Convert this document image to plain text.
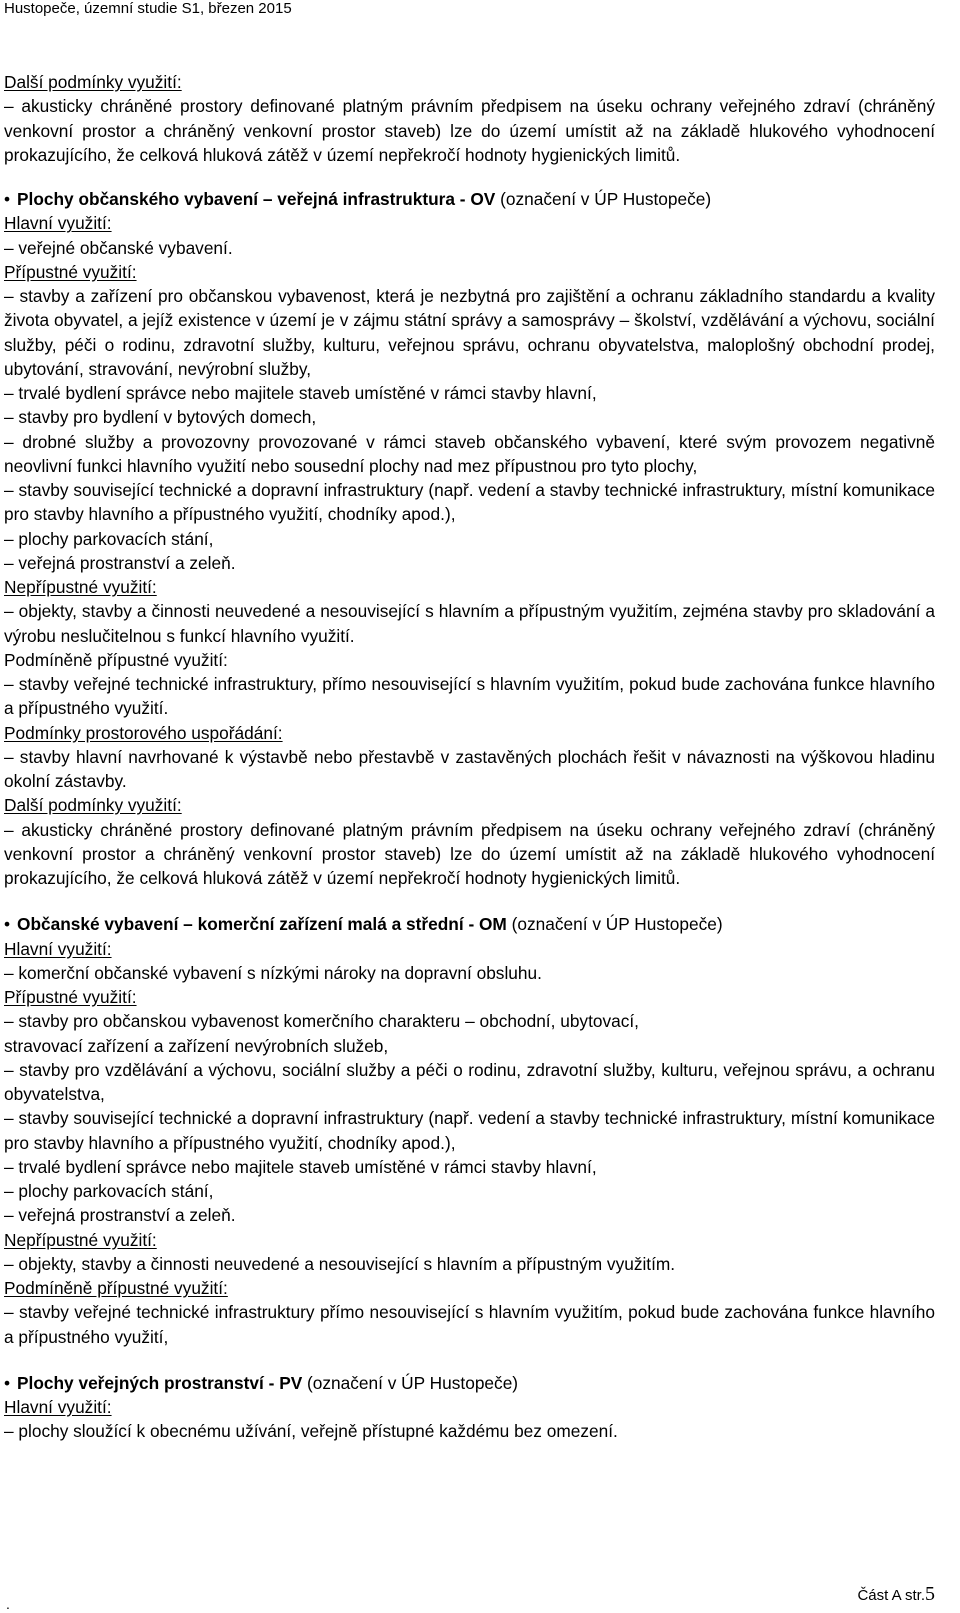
Hustopeče, územní studie S1, březen 2015
Další podmínky využití:
– akusticky chráněné prostory definované platným právním předpisem na úseku ochrany veřejného zdraví (chráněný venkovní prostor a chráněný venkovní prostor staveb) lze do území umístit až na základě hlukového vyhodnocení prokazujícího, že celková hluková zátěž v území nepřekročí hodnoty hygienických limitů.
• Plochy občanského vybavení – veřejná infrastruktura - OV (označení v ÚP Hustopeče)
Hlavní využití:
– veřejné občanské vybavení.
Přípustné využití:
– stavby a zařízení pro občanskou vybavenost, která je nezbytná pro zajištění a ochranu základního standardu a kvality života obyvatel, a jejíž existence v území je v zájmu státní správy a samosprávy – školství, vzdělávání a výchovu, sociální služby, péči o rodinu, zdravotní služby, kulturu, veřejnou správu, ochranu obyvatelstva, maloplošný obchodní prodej, ubytování, stravování, nevýrobní služby,
– trvalé bydlení správce nebo majitele staveb umístěné v rámci stavby hlavní,
– stavby pro bydlení v bytových domech,
– drobné služby a provozovny provozované v rámci staveb občanského vybavení, které svým provozem negativně neovlivní funkci hlavního využití nebo sousední plochy nad mez přípustnou pro tyto plochy,
– stavby související technické a dopravní infrastruktury (např. vedení a stavby technické infrastruktury, místní komunikace pro stavby hlavního a přípustného využití, chodníky apod.),
– plochy parkovacích stání,
– veřejná prostranství a zeleň.
Nepřípustné využití:
– objekty, stavby a činnosti neuvedené a nesouvisející s hlavním a přípustným využitím, zejména stavby pro skladování a výrobu neslučitelnou s funkcí hlavního využití.
Podmíněně přípustné využití:
– stavby veřejné technické infrastruktury, přímo nesouvisející s hlavním využitím, pokud bude zachována funkce hlavního a přípustného využití.
Podmínky prostorového uspořádání:
– stavby hlavní navrhované k výstavbě nebo přestavbě v zastavěných plochách řešit v návaznosti na výškovou hladinu okolní zástavby.
Další podmínky využití:
– akusticky chráněné prostory definované platným právním předpisem na úseku ochrany veřejného zdraví (chráněný venkovní prostor a chráněný venkovní prostor staveb) lze do území umístit až na základě hlukového vyhodnocení prokazujícího, že celková hluková zátěž v území nepřekročí hodnoty hygienických limitů.
• Občanské vybavení – komerční zařízení malá a střední - OM (označení v ÚP Hustopeče)
Hlavní využití:
– komerční občanské vybavení s nízkými nároky na dopravní obsluhu.
Přípustné využití:
– stavby pro občanskou vybavenost komerčního charakteru – obchodní, ubytovací,
stravovací zařízení a zařízení nevýrobních služeb,
– stavby pro vzdělávání a výchovu, sociální služby a péči o rodinu, zdravotní služby, kulturu, veřejnou správu, a ochranu obyvatelstva,
– stavby související technické a dopravní infrastruktury (např. vedení a stavby technické infrastruktury, místní komunikace pro stavby hlavního a přípustného využití, chodníky apod.),
– trvalé bydlení správce nebo majitele staveb umístěné v rámci stavby hlavní,
– plochy parkovacích stání,
– veřejná prostranství a zeleň.
Nepřípustné využití:
– objekty, stavby a činnosti neuvedené a nesouvisející s hlavním a přípustným využitím.
Podmíněně přípustné využití:
– stavby veřejné technické infrastruktury přímo nesouvisející s hlavním využitím, pokud bude zachována funkce hlavního a přípustného využití,
• Plochy veřejných prostranství - PV (označení v ÚP Hustopeče)
Hlavní využití:
– plochy sloužící k obecnému užívání, veřejně přístupné každému bez omezení.
Část A str.5
.
